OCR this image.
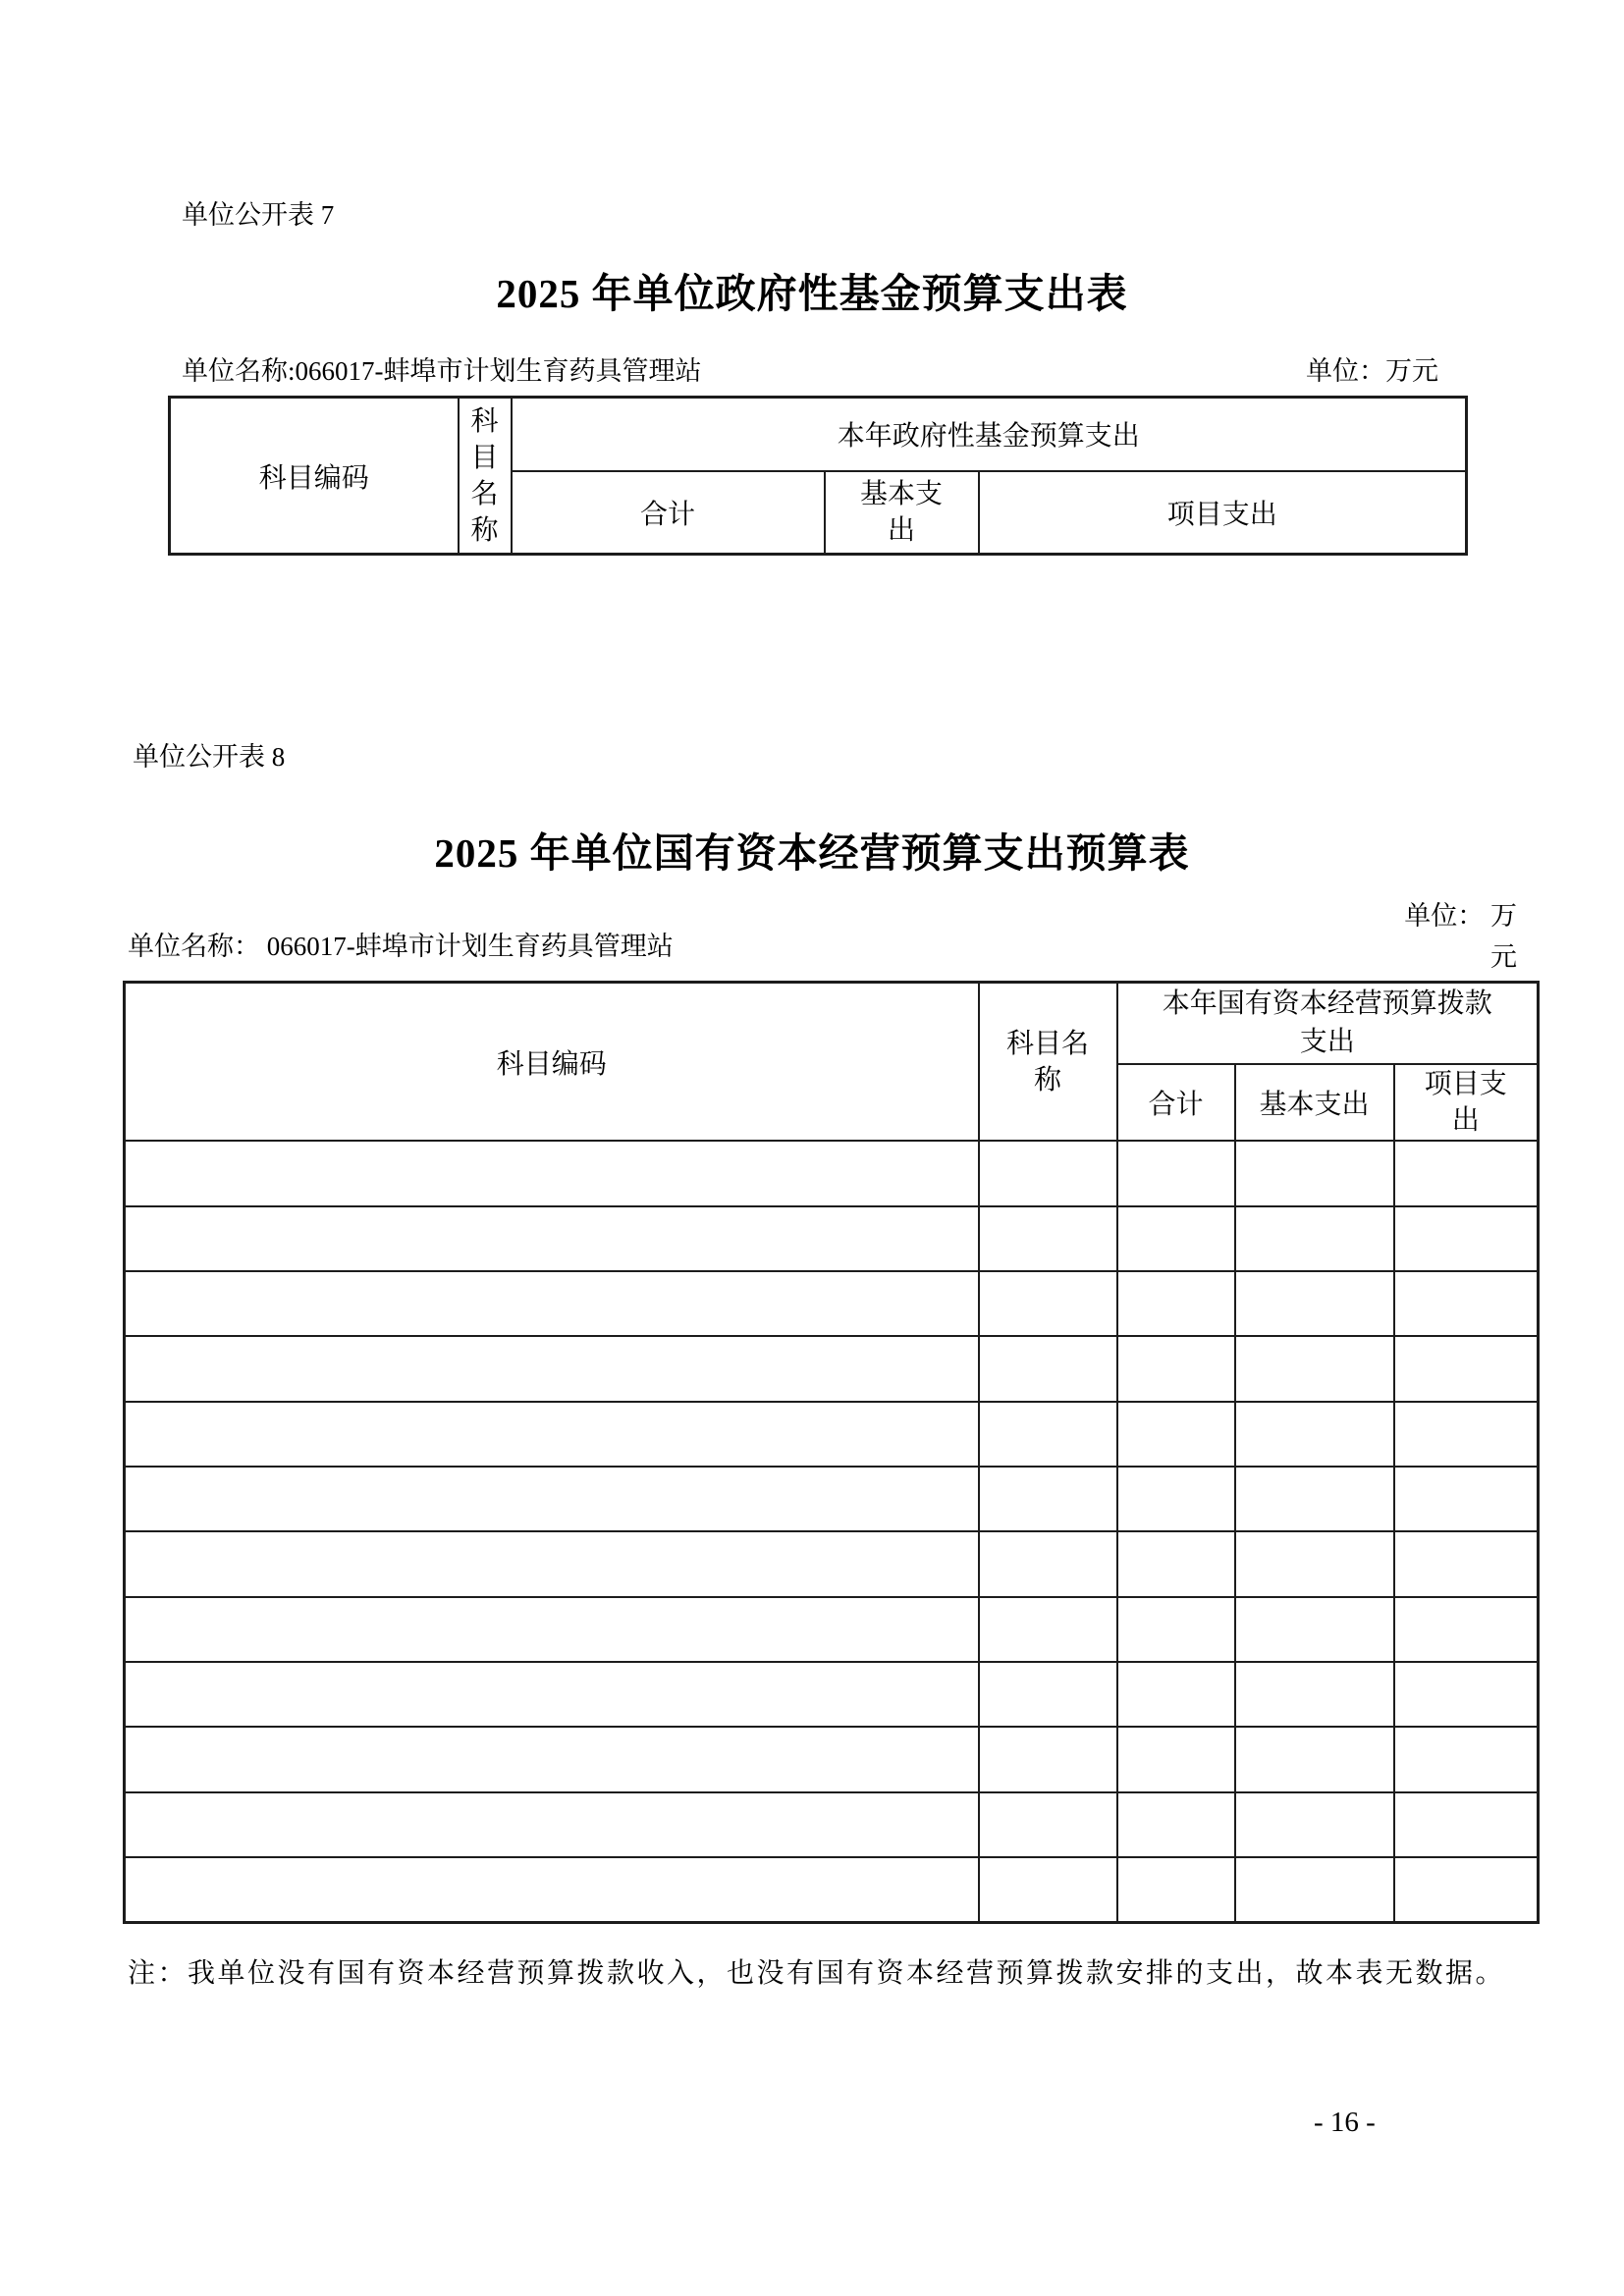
单位公开表 7
2025 年单位政府性基金预算支出表
单位名称:066017-蚌埠市计划生育药具管理站	单位：万元
科目编码	科目名称	本年政府性基金预算支出		
		合计	基本支出	项目支出
单位公开表 8
2025 年单位国有资本经营预算支出预算表
单位： 万
元
单位名称： 066017-蚌埠市计划生育药具管理站
科目编码	科目名称	本年国有资本经营预算拨款支出		
		合计	基本支出	项目支出

注：我单位没有国有资本经营预算拨款收入，也没有国有资本经营预算拨款安排的支出，故本表无数据。
- 16 -
